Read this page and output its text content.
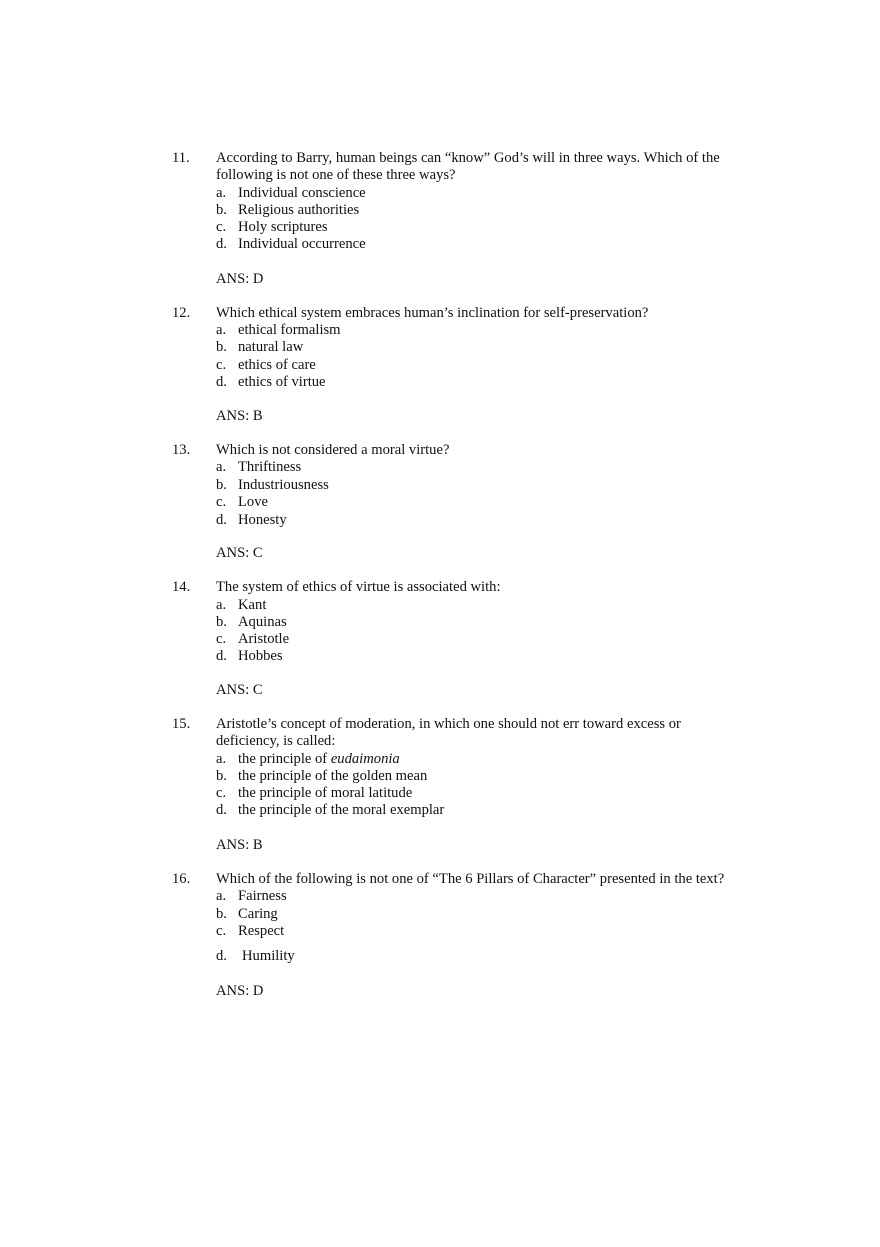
11. According to Barry, human beings can “know” God’s will in three ways. Which of the
following is not one of these three ways?
a. Individual conscience
b. Religious authorities
c. Holy scriptures
d. Individual occurrence
ANS: D
12. Which ethical system embraces human’s inclination for self-preservation?
a. ethical formalism
b. natural law
c. ethics of care
d. ethics of virtue
ANS: B
13. Which is not considered a moral virtue?
a. Thriftiness
b. Industriousness
c. Love
d. Honesty
ANS: C
14. The system of ethics of virtue is associated with:
a. Kant
b. Aquinas
c. Aristotle
d. Hobbes
ANS: C
15. Aristotle’s concept of moderation, in which one should not err toward excess or
deficiency, is called:
a. the principle of eudaimonia
b. the principle of the golden mean
c. the principle of moral latitude
d. the principle of the moral exemplar
ANS: B
16. Which of the following is not one of “The 6 Pillars of Character” presented in the text?
a. Fairness
b. Caring
c. Respect
d. Humility
ANS: D
